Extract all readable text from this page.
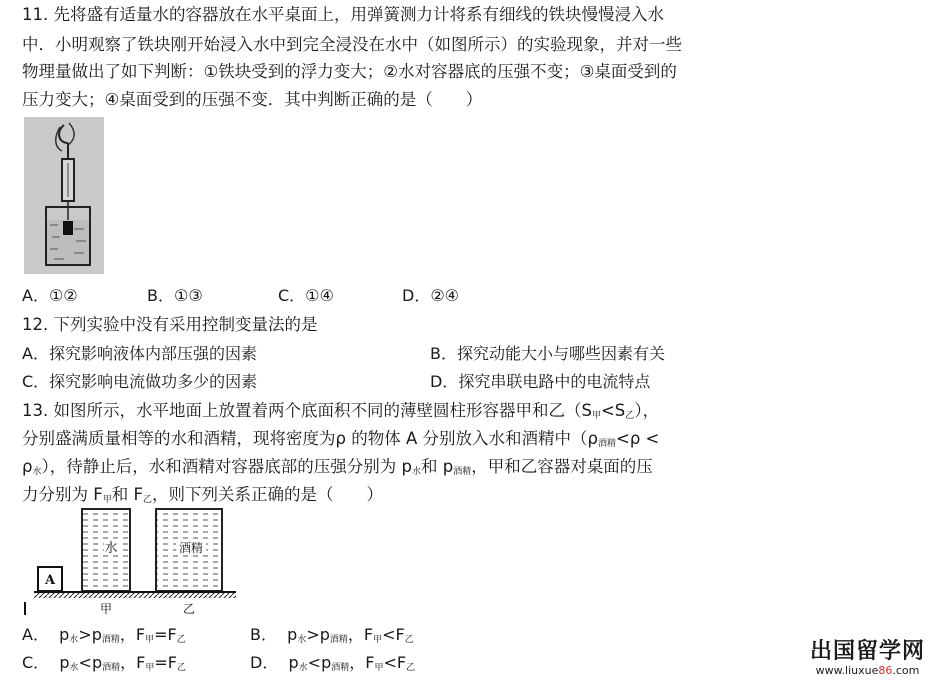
11. 先将盛有适量水的容器放在水平桌面上，用弹簧测力计将系有细线的铁块慢慢浸入水
中．小明观察了铁块刚开始浸入水中到完全浸没在水中（如图所示）的实验现象，并对一些
物理量做出了如下判断：①铁块受到的浮力变大；②水对容器底的压强不变；③桌面受到的
压力变大；④桌面受到的压强不变．其中判断正确的是（　　）
A．①②	B．①③	C．①④	D．②④
12. 下列实验中没有采用控制变量法的是
A．探究影响液体内部压强的因素	B．探究动能大小与哪些因素有关
C．探究影响电流做功多少的因素	D．探究串联电路中的电流特点
13. 如图所示，水平地面上放置着两个底面积不同的薄壁圆柱形容器甲和乙$(S_甲<S_乙)$，
分别盛满质量相等的水和酒精，现将密度为ρ 的物体 A 分别放入水和酒精中（$\rho_{酒精}<\rho$ <
$\rho_水$），待静止后，水和酒精对容器底部的压强分别为 $p_水$和 $p_{酒精}$，甲和乙容器对桌面的压
力分别为 $F_甲$和 $F_乙$，则下列关系正确的是（　　）
水	酒精
A
甲	乙
A．  $p_水>p_{酒精}$，$F_甲=F_乙$	B．  $p_水>p_{酒精}$，$F_甲<F_乙$
C．  $p_水<p_{酒精}$，$F_甲=F_乙$	D．  $p_水<p_{酒精}$，$F_甲<F_乙$
出国留学网
www.liuxue86.com
